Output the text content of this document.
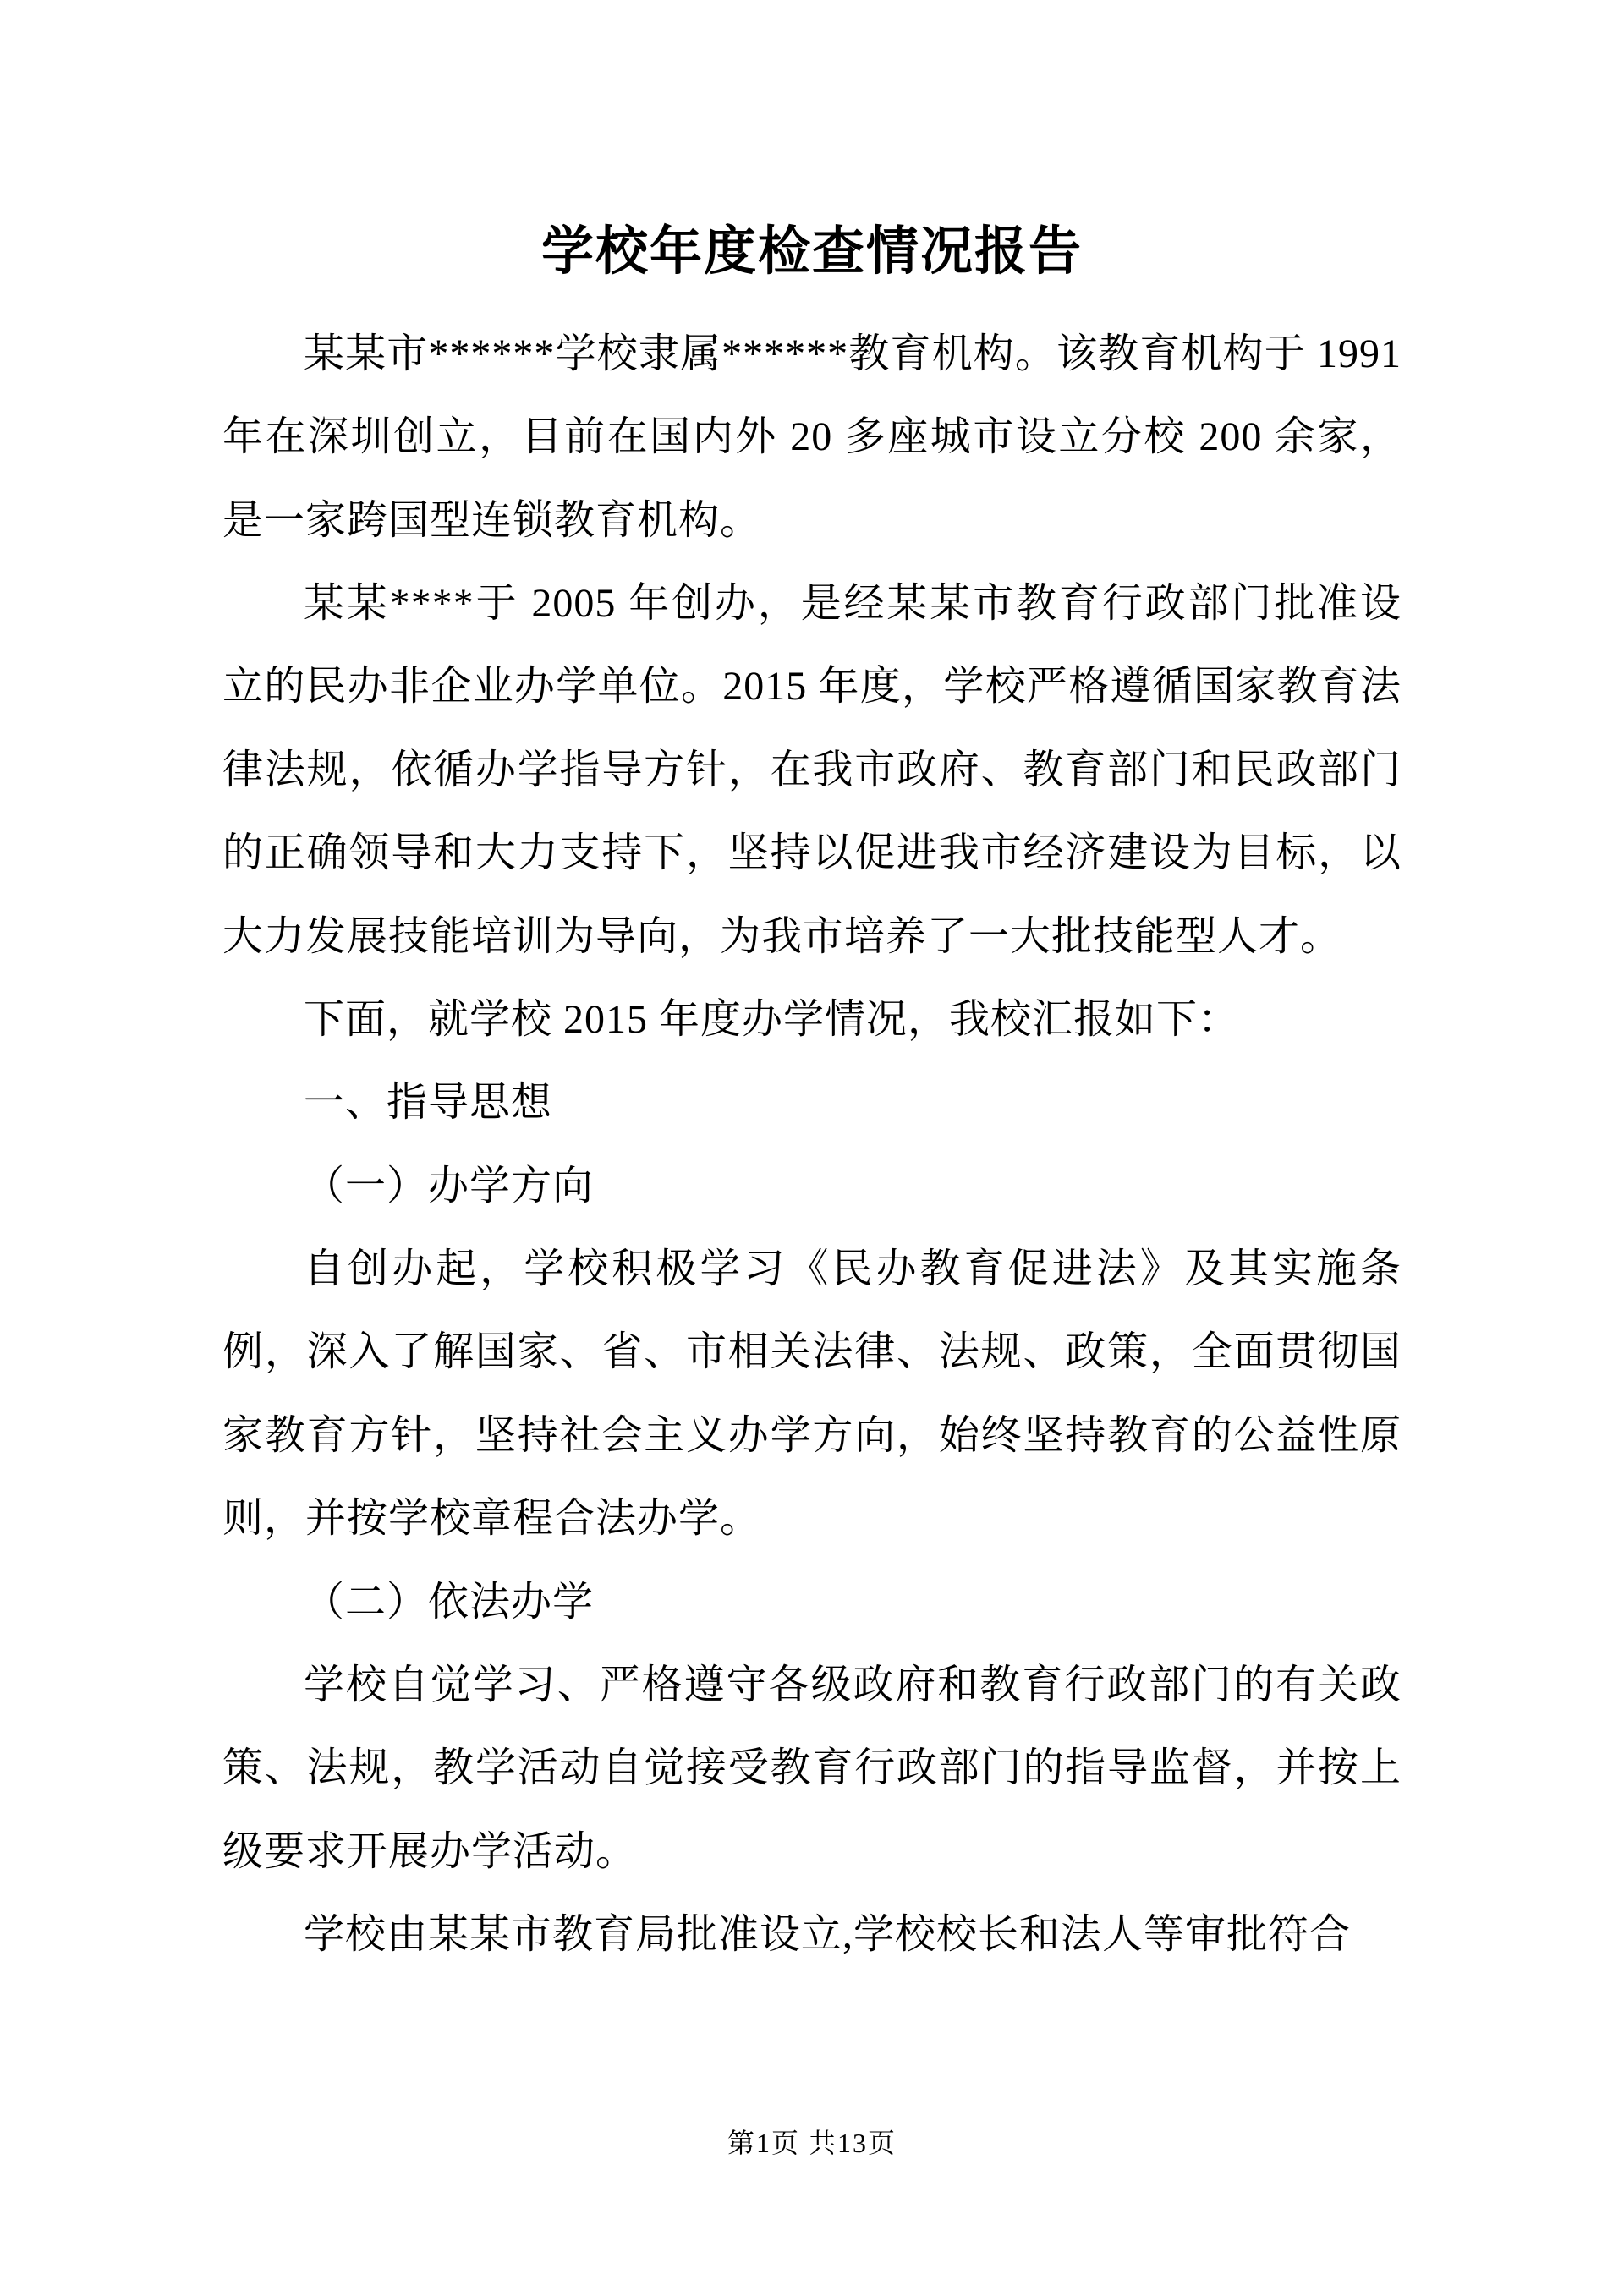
学校年度检查情况报告

某某市******学校隶属******教育机构。该教育机构于 1991 年在深圳创立，目前在国内外 20 多座城市设立分校 200 余家，是一家跨国型连锁教育机构。

某某****于 2005 年创办，是经某某市教育行政部门批准设立的民办非企业办学单位。2015 年度，学校严格遵循国家教育法律法规，依循办学指导方针，在我市政府、教育部门和民政部门的正确领导和大力支持下，坚持以促进我市经济建设为目标，以大力发展技能培训为导向，为我市培养了一大批技能型人才。

下面，就学校 2015 年度办学情况，我校汇报如下：

一、指导思想

（一）办学方向

自创办起，学校积极学习《民办教育促进法》及其实施条例，深入了解国家、省、市相关法律、法规、政策，全面贯彻国家教育方针，坚持社会主义办学方向，始终坚持教育的公益性原则，并按学校章程合法办学。

（二）依法办学

学校自觉学习、严格遵守各级政府和教育行政部门的有关政策、法规，教学活动自觉接受教育行政部门的指导监督，并按上级要求开展办学活动。

学校由某某市教育局批准设立,学校校长和法人等审批符合

第1页 共13页
